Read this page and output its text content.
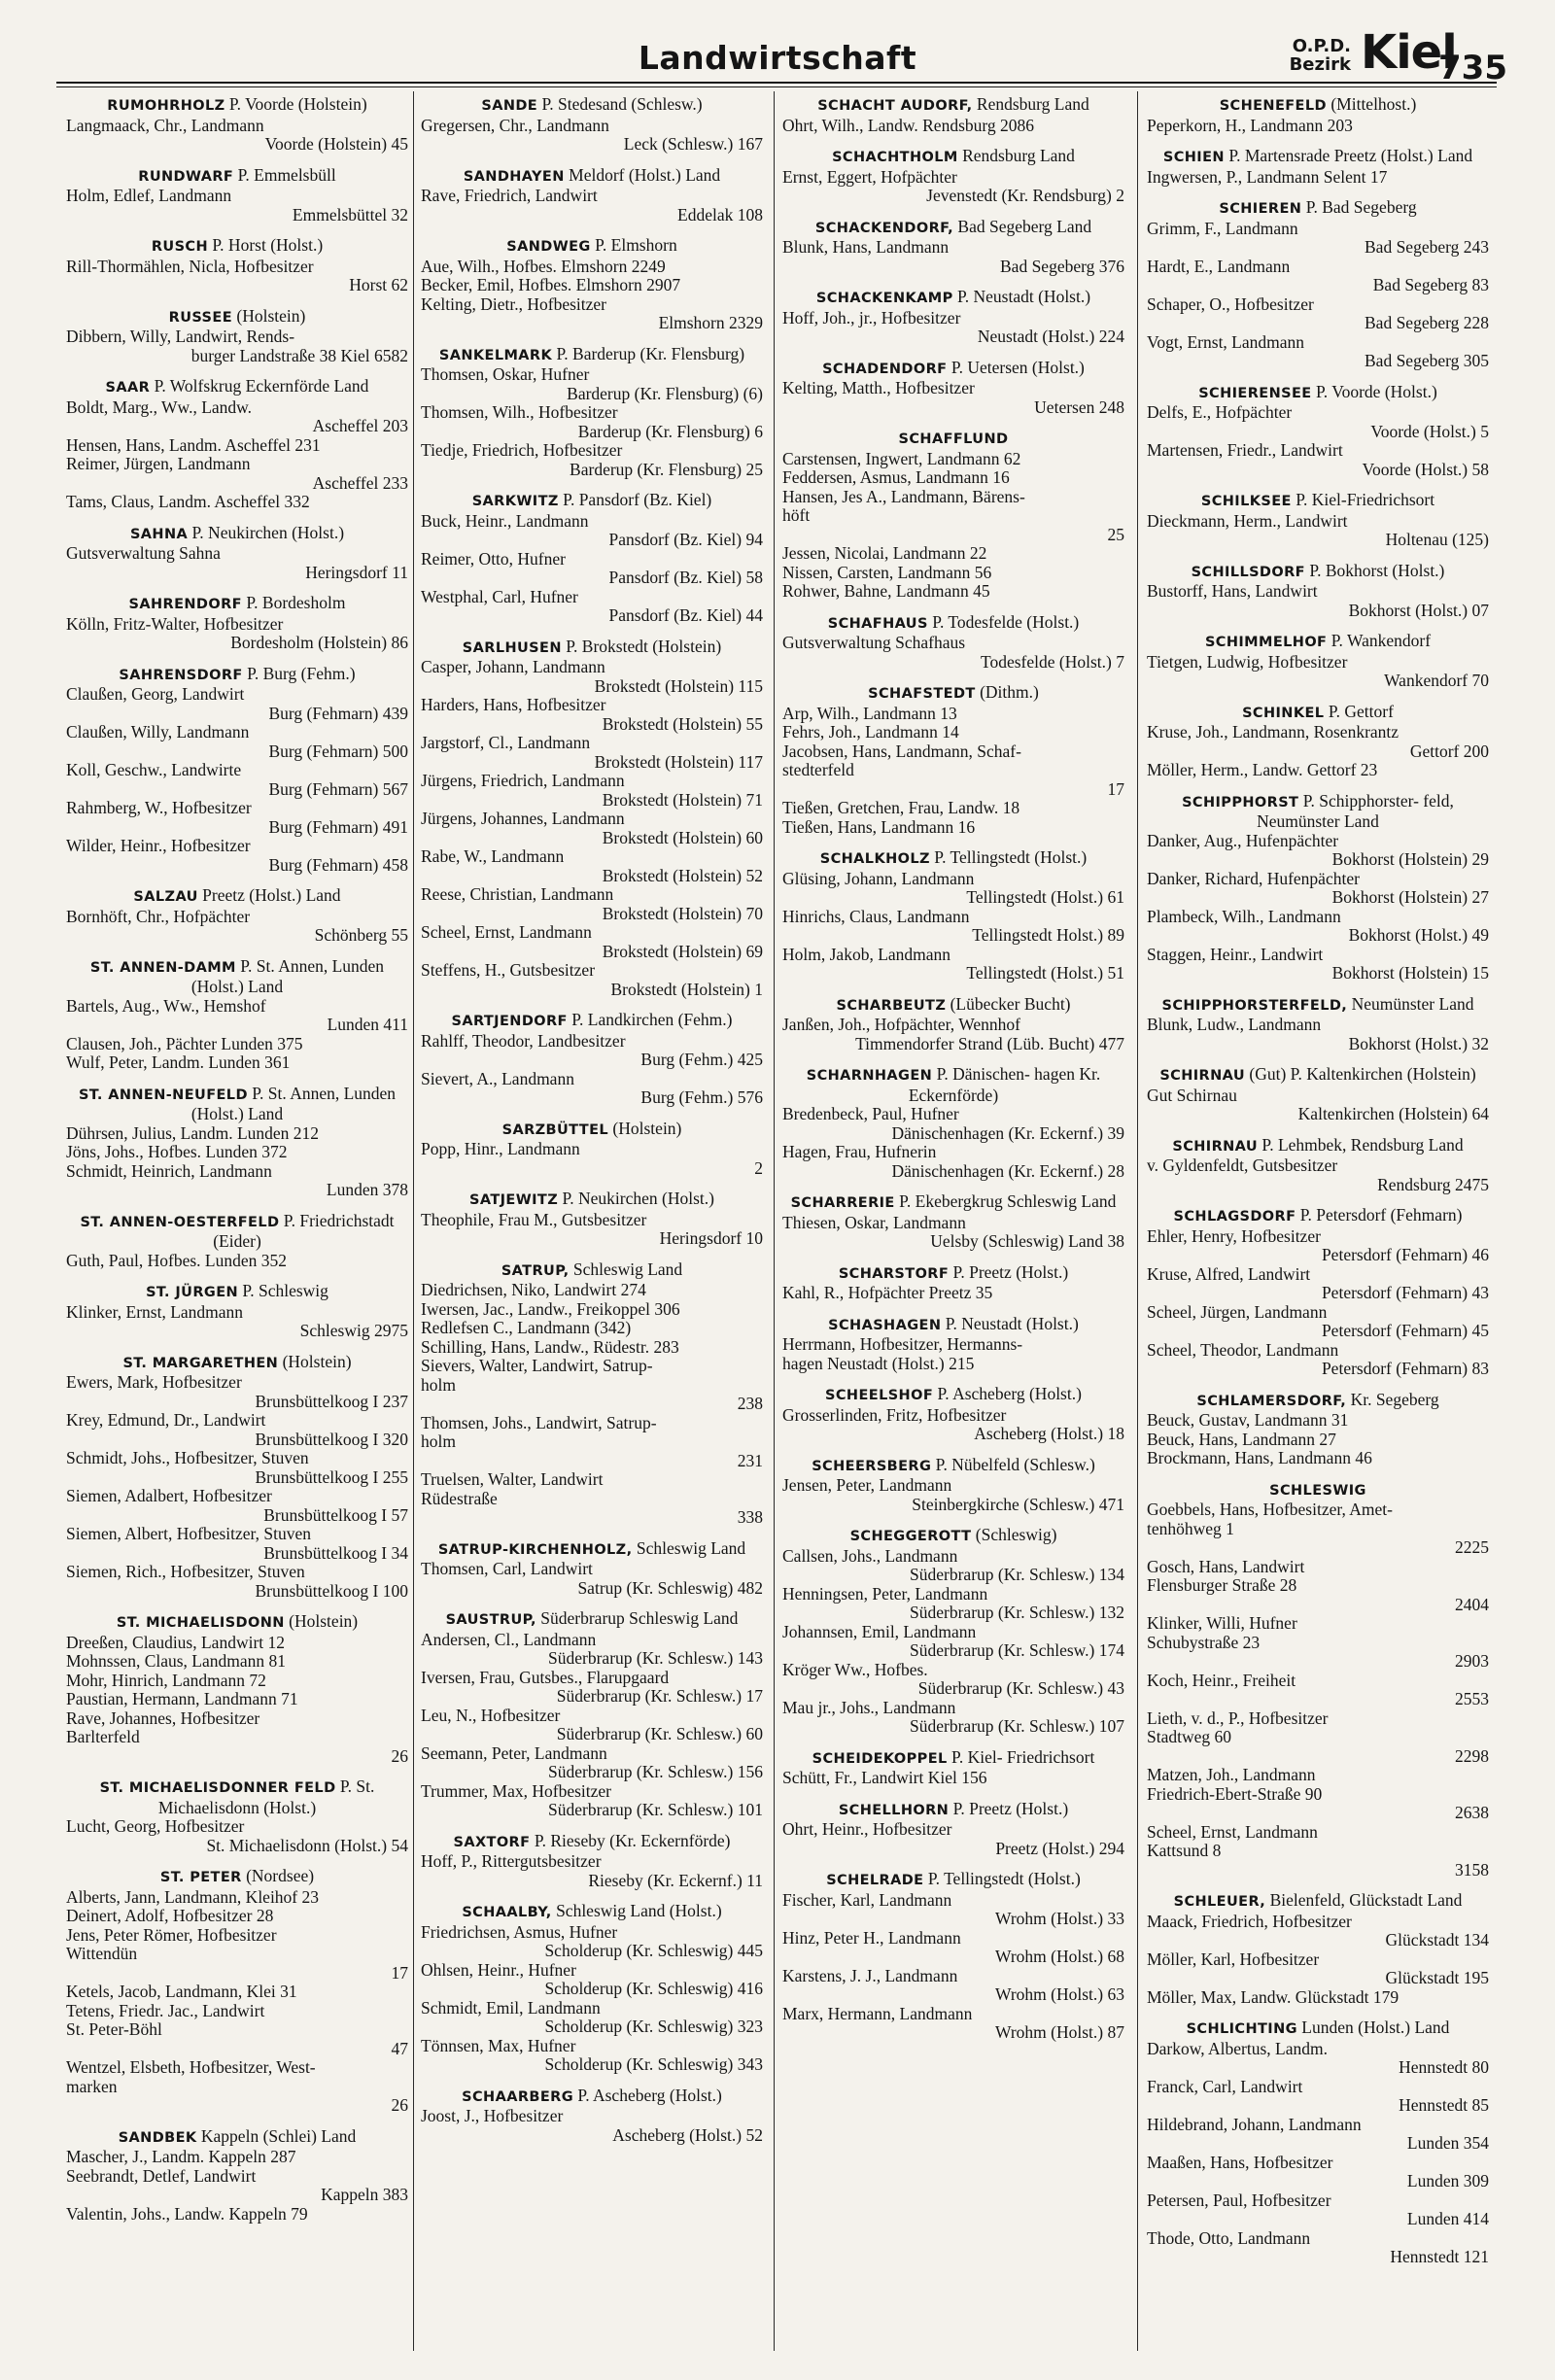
Landwirtschaft	O.P.D. Bezirk Kiel
735
RUMOHRHOLZ P. Voorde (Holstein)
Langmaack, Chr., Landmann
Voorde (Holstein) 45
RUNDWARF P. Emmelsbüll
Holm, Edlef, Landmann
Emmelsbüttel 32
RUSCH P. Horst (Holst.)
Rill-Thormählen, Nicla, Hofbesitzer
Horst 62
RUSSEE (Holstein)
Dibbern, Willy, Landwirt, Rends-
burger Landstraße 38 Kiel 6582
SAAR P. Wolfskrug Eckernförde Land
Boldt, Marg., Ww., Landw.
Ascheffel 203
Hensen, Hans, Landm. Ascheffel 231
Reimer, Jürgen, Landmann
Ascheffel 233
Tams, Claus, Landm. Ascheffel 332
SAHNA P. Neukirchen (Holst.)
Gutsverwaltung Sahna
Heringsdorf 11
SAHRENDORF P. Bordesholm
Kölln, Fritz-Walter, Hofbesitzer
Bordesholm (Holstein) 86
SAHRENSDORF P. Burg (Fehm.)
Claußen, Georg, Landwirt
Burg (Fehmarn) 439
Claußen, Willy, Landmann
Burg (Fehmarn) 500
Koll, Geschw., Landwirte
Burg (Fehmarn) 567
Rahmberg, W., Hofbesitzer
Burg (Fehmarn) 491
Wilder, Heinr., Hofbesitzer
Burg (Fehmarn) 458
SALZAU Preetz (Holst.) Land
Bornhöft, Chr., Hofpächter
Schönberg 55
ST. ANNEN-DAMM P. St. Annen, Lunden (Holst.) Land
Bartels, Aug., Ww., Hemshof
Lunden 411
Clausen, Joh., Pächter Lunden 375
Wulf, Peter, Landm. Lunden 361
ST. ANNEN-NEUFELD P. St. Annen, Lunden (Holst.) Land
Dührsen, Julius, Landm. Lunden 212
Jöns, Johs., Hofbes. Lunden 372
Schmidt, Heinrich, Landmann
Lunden 378
ST. ANNEN-OESTERFELD P. Friedrichstadt (Eider)
Guth, Paul, Hofbes. Lunden 352
ST. JÜRGEN P. Schleswig
Klinker, Ernst, Landmann
Schleswig 2975
ST. MARGARETHEN (Holstein)
Ewers, Mark, Hofbesitzer
Brunsbüttelkoog I 237
Krey, Edmund, Dr., Landwirt
Brunsbüttelkoog I 320
Schmidt, Johs., Hofbesitzer, Stuven
Brunsbüttelkoog I 255
Siemen, Adalbert, Hofbesitzer
Brunsbüttelkoog I 57
Siemen, Albert, Hofbesitzer, Stuven
Brunsbüttelkoog I 34
Siemen, Rich., Hofbesitzer, Stuven
Brunsbüttelkoog I 100
ST. MICHAELISDONN (Holstein)
Dreeßen, Claudius, Landwirt 12
Mohnssen, Claus, Landmann 81
Mohr, Hinrich, Landmann 72
Paustian, Hermann, Landmann 71
Rave, Johannes, Hofbesitzer
Barlterfeld
26
ST. MICHAELISDONNER FELD P. St. Michaelisdonn (Holst.)
Lucht, Georg, Hofbesitzer
St. Michaelisdonn (Holst.) 54
ST. PETER (Nordsee)
Alberts, Jann, Landmann, Kleihof 23
Deinert, Adolf, Hofbesitzer 28
Jens, Peter Römer, Hofbesitzer
Wittendün
17
Ketels, Jacob, Landmann, Klei 31
Tetens, Friedr. Jac., Landwirt
St. Peter-Böhl
47
Wentzel, Elsbeth, Hofbesitzer, West-
marken
26
SANDBEK Kappeln (Schlei) Land
Mascher, J., Landm. Kappeln 287
Seebrandt, Detlef, Landwirt
Kappeln 383
Valentin, Johs., Landw. Kappeln 79
SANDE P. Stedesand (Schlesw.)
Gregersen, Chr., Landmann
Leck (Schlesw.) 167
SANDHAYEN Meldorf (Holst.) Land
Rave, Friedrich, Landwirt
Eddelak 108
SANDWEG P. Elmshorn
Aue, Wilh., Hofbes. Elmshorn 2249
Becker, Emil, Hofbes. Elmshorn 2907
Kelting, Dietr., Hofbesitzer
Elmshorn 2329
SANKELMARK P. Barderup (Kr. Flensburg)
Thomsen, Oskar, Hufner
Barderup (Kr. Flensburg) (6)
Thomsen, Wilh., Hofbesitzer
Barderup (Kr. Flensburg) 6
Tiedje, Friedrich, Hofbesitzer
Barderup (Kr. Flensburg) 25
SARKWITZ P. Pansdorf (Bz. Kiel)
Buck, Heinr., Landmann
Pansdorf (Bz. Kiel) 94
Reimer, Otto, Hufner
Pansdorf (Bz. Kiel) 58
Westphal, Carl, Hufner
Pansdorf (Bz. Kiel) 44
SARLHUSEN P. Brokstedt (Holstein)
Casper, Johann, Landmann
Brokstedt (Holstein) 115
Harders, Hans, Hofbesitzer
Brokstedt (Holstein) 55
Jargstorf, Cl., Landmann
Brokstedt (Holstein) 117
Jürgens, Friedrich, Landmann
Brokstedt (Holstein) 71
Jürgens, Johannes, Landmann
Brokstedt (Holstein) 60
Rabe, W., Landmann
Brokstedt (Holstein) 52
Reese, Christian, Landmann
Brokstedt (Holstein) 70
Scheel, Ernst, Landmann
Brokstedt (Holstein) 69
Steffens, H., Gutsbesitzer
Brokstedt (Holstein) 1
SARTJENDORF P. Landkirchen (Fehm.)
Rahlff, Theodor, Landbesitzer
Burg (Fehm.) 425
Sievert, A., Landmann
Burg (Fehm.) 576
SARZBÜTTEL (Holstein)
Popp, Hinr., Landmann
2
SATJEWITZ P. Neukirchen (Holst.)
Theophile, Frau M., Gutsbesitzer
Heringsdorf 10
SATRUP, Schleswig Land
Diedrichsen, Niko, Landwirt 274
Iwersen, Jac., Landw., Freikoppel 306
Redlefsen C., Landmann (342)
Schilling, Hans, Landw., Rüdestr. 283
Sievers, Walter, Landwirt, Satrup-
holm
238
Thomsen, Johs., Landwirt, Satrup-
holm
231
Truelsen, Walter, Landwirt
Rüdestraße
338
SATRUP-KIRCHENHOLZ, Schleswig Land
Thomsen, Carl, Landwirt
Satrup (Kr. Schleswig) 482
SAUSTRUP, Süderbrarup Schleswig Land
Andersen, Cl., Landmann
Süderbrarup (Kr. Schlesw.) 143
Iversen, Frau, Gutsbes., Flarupgaard
Süderbrarup (Kr. Schlesw.) 17
Leu, N., Hofbesitzer
Süderbrarup (Kr. Schlesw.) 60
Seemann, Peter, Landmann
Süderbrarup (Kr. Schlesw.) 156
Trummer, Max, Hofbesitzer
Süderbrarup (Kr. Schlesw.) 101
SAXTORF P. Rieseby (Kr. Eckernförde)
Hoff, P., Rittergutsbesitzer
Rieseby (Kr. Eckernf.) 11
SCHAALBY, Schleswig Land (Holst.)
Friedrichsen, Asmus, Hufner
Scholderup (Kr. Schleswig) 445
Ohlsen, Heinr., Hufner
Scholderup (Kr. Schleswig) 416
Schmidt, Emil, Landmann
Scholderup (Kr. Schleswig) 323
Tönnsen, Max, Hufner
Scholderup (Kr. Schleswig) 343
SCHAARBERG P. Ascheberg (Holst.)
Joost, J., Hofbesitzer
Ascheberg (Holst.) 52
SCHACHT AUDORF, Rendsburg Land
Ohrt, Wilh., Landw. Rendsburg 2086
SCHACHTHOLM Rendsburg Land
Ernst, Eggert, Hofpächter
Jevenstedt (Kr. Rendsburg) 2
SCHACKENDORF, Bad Segeberg Land
Blunk, Hans, Landmann
Bad Segeberg 376
SCHACKENKAMP P. Neustadt (Holst.)
Hoff, Joh., jr., Hofbesitzer
Neustadt (Holst.) 224
SCHADENDORF P. Uetersen (Holst.)
Kelting, Matth., Hofbesitzer
Uetersen 248
SCHAFFLUND
Carstensen, Ingwert, Landmann 62
Feddersen, Asmus, Landmann 16
Hansen, Jes A., Landmann, Bärens-
höft
25
Jessen, Nicolai, Landmann 22
Nissen, Carsten, Landmann 56
Rohwer, Bahne, Landmann 45
SCHAFHAUS P. Todesfelde (Holst.)
Gutsverwaltung Schafhaus
Todesfelde (Holst.) 7
SCHAFSTEDT (Dithm.)
Arp, Wilh., Landmann 13
Fehrs, Joh., Landmann 14
Jacobsen, Hans, Landmann, Schaf-
stedterfeld
17
Tießen, Gretchen, Frau, Landw. 18
Tießen, Hans, Landmann 16
SCHALKHOLZ P. Tellingstedt (Holst.)
Glüsing, Johann, Landmann
Tellingstedt (Holst.) 61
Hinrichs, Claus, Landmann
Tellingstedt Holst.) 89
Holm, Jakob, Landmann
Tellingstedt (Holst.) 51
SCHARBEUTZ (Lübecker Bucht)
Janßen, Joh., Hofpächter, Wennhof
Timmendorfer Strand (Lüb. Bucht) 477
SCHARNHAGEN P. Dänischen- hagen Kr. Eckernförde)
Bredenbeck, Paul, Hufner
Dänischenhagen (Kr. Eckernf.) 39
Hagen, Frau, Hufnerin
Dänischenhagen (Kr. Eckernf.) 28
SCHARRERIE P. Ekebergkrug Schleswig Land
Thiesen, Oskar, Landmann
Uelsby (Schleswig) Land 38
SCHARSTORF P. Preetz (Holst.)
Kahl, R., Hofpächter Preetz 35
SCHASHAGEN P. Neustadt (Holst.)
Herrmann, Hofbesitzer, Hermanns-
hagen Neustadt (Holst.) 215
SCHEELSHOF P. Ascheberg (Holst.)
Grosserlinden, Fritz, Hofbesitzer
Ascheberg (Holst.) 18
SCHEERSBERG P. Nübelfeld (Schlesw.)
Jensen, Peter, Landmann
Steinbergkirche (Schlesw.) 471
SCHEGGEROTT (Schleswig)
Callsen, Johs., Landmann
Süderbrarup (Kr. Schlesw.) 134
Henningsen, Peter, Landmann
Süderbrarup (Kr. Schlesw.) 132
Johannsen, Emil, Landmann
Süderbrarup (Kr. Schlesw.) 174
Kröger Ww., Hofbes.
Süderbrarup (Kr. Schlesw.) 43
Mau jr., Johs., Landmann
Süderbrarup (Kr. Schlesw.) 107
SCHEIDEKOPPEL P. Kiel- Friedrichsort
Schütt, Fr., Landwirt Kiel 156
SCHELLHORN P. Preetz (Holst.)
Ohrt, Heinr., Hofbesitzer
Preetz (Holst.) 294
SCHELRADE P. Tellingstedt (Holst.)
Fischer, Karl, Landmann
Wrohm (Holst.) 33
Hinz, Peter H., Landmann
Wrohm (Holst.) 68
Karstens, J. J., Landmann
Wrohm (Holst.) 63
Marx, Hermann, Landmann
Wrohm (Holst.) 87
SCHENEFELD (Mittelhost.)
Peperkorn, H., Landmann 203
SCHIEN P. Martensrade Preetz (Holst.) Land
Ingwersen, P., Landmann Selent 17
SCHIEREN P. Bad Segeberg
Grimm, F., Landmann
Bad Segeberg 243
Hardt, E., Landmann
Bad Segeberg 83
Schaper, O., Hofbesitzer
Bad Segeberg 228
Vogt, Ernst, Landmann
Bad Segeberg 305
SCHIERENSEE P. Voorde (Holst.)
Delfs, E., Hofpächter
Voorde (Holst.) 5
Martensen, Friedr., Landwirt
Voorde (Holst.) 58
SCHILKSEE P. Kiel-Friedrichsort
Dieckmann, Herm., Landwirt
Holtenau (125)
SCHILLSDORF P. Bokhorst (Holst.)
Bustorff, Hans, Landwirt
Bokhorst (Holst.) 07
SCHIMMELHOF P. Wankendorf
Tietgen, Ludwig, Hofbesitzer
Wankendorf 70
SCHINKEL P. Gettorf
Kruse, Joh., Landmann, Rosenkrantz
Gettorf 200
Möller, Herm., Landw. Gettorf 23
SCHIPPHORST P. Schipphorster- feld, Neumünster Land
Danker, Aug., Hufenpächter
Bokhorst (Holstein) 29
Danker, Richard, Hufenpächter
Bokhorst (Holstein) 27
Plambeck, Wilh., Landmann
Bokhorst (Holst.) 49
Staggen, Heinr., Landwirt
Bokhorst (Holstein) 15
SCHIPPHORSTERFELD, Neumünster Land
Blunk, Ludw., Landmann
Bokhorst (Holst.) 32
SCHIRNAU (Gut) P. Kaltenkirchen (Holstein)
Gut Schirnau
Kaltenkirchen (Holstein) 64
SCHIRNAU P. Lehmbek, Rendsburg Land
v. Gyldenfeldt, Gutsbesitzer
Rendsburg 2475
SCHLAGSDORF P. Petersdorf (Fehmarn)
Ehler, Henry, Hofbesitzer
Petersdorf (Fehmarn) 46
Kruse, Alfred, Landwirt
Petersdorf (Fehmarn) 43
Scheel, Jürgen, Landmann
Petersdorf (Fehmarn) 45
Scheel, Theodor, Landmann
Petersdorf (Fehmarn) 83
SCHLAMERSDORF, Kr. Segeberg
Beuck, Gustav, Landmann 31
Beuck, Hans, Landmann 27
Brockmann, Hans, Landmann 46
SCHLESWIG
Goebbels, Hans, Hofbesitzer, Amet-
tenhöhweg 1
2225
Gosch, Hans, Landwirt
Flensburger Straße 28
2404
Klinker, Willi, Hufner
Schubystraße 23
2903
Koch, Heinr., Freiheit
2553
Lieth, v. d., P., Hofbesitzer
Stadtweg 60
2298
Matzen, Joh., Landmann
Friedrich-Ebert-Straße 90
2638
Scheel, Ernst, Landmann
Kattsund 8
3158
SCHLEUER, Bielenfeld, Glückstadt Land
Maack, Friedrich, Hofbesitzer
Glückstadt 134
Möller, Karl, Hofbesitzer
Glückstadt 195
Möller, Max, Landw. Glückstadt 179
SCHLICHTING Lunden (Holst.) Land
Darkow, Albertus, Landm.
Hennstedt 80
Franck, Carl, Landwirt
Hennstedt 85
Hildebrand, Johann, Landmann
Lunden 354
Maaßen, Hans, Hofbesitzer
Lunden 309
Petersen, Paul, Hofbesitzer
Lunden 414
Thode, Otto, Landmann
Hennstedt 121
